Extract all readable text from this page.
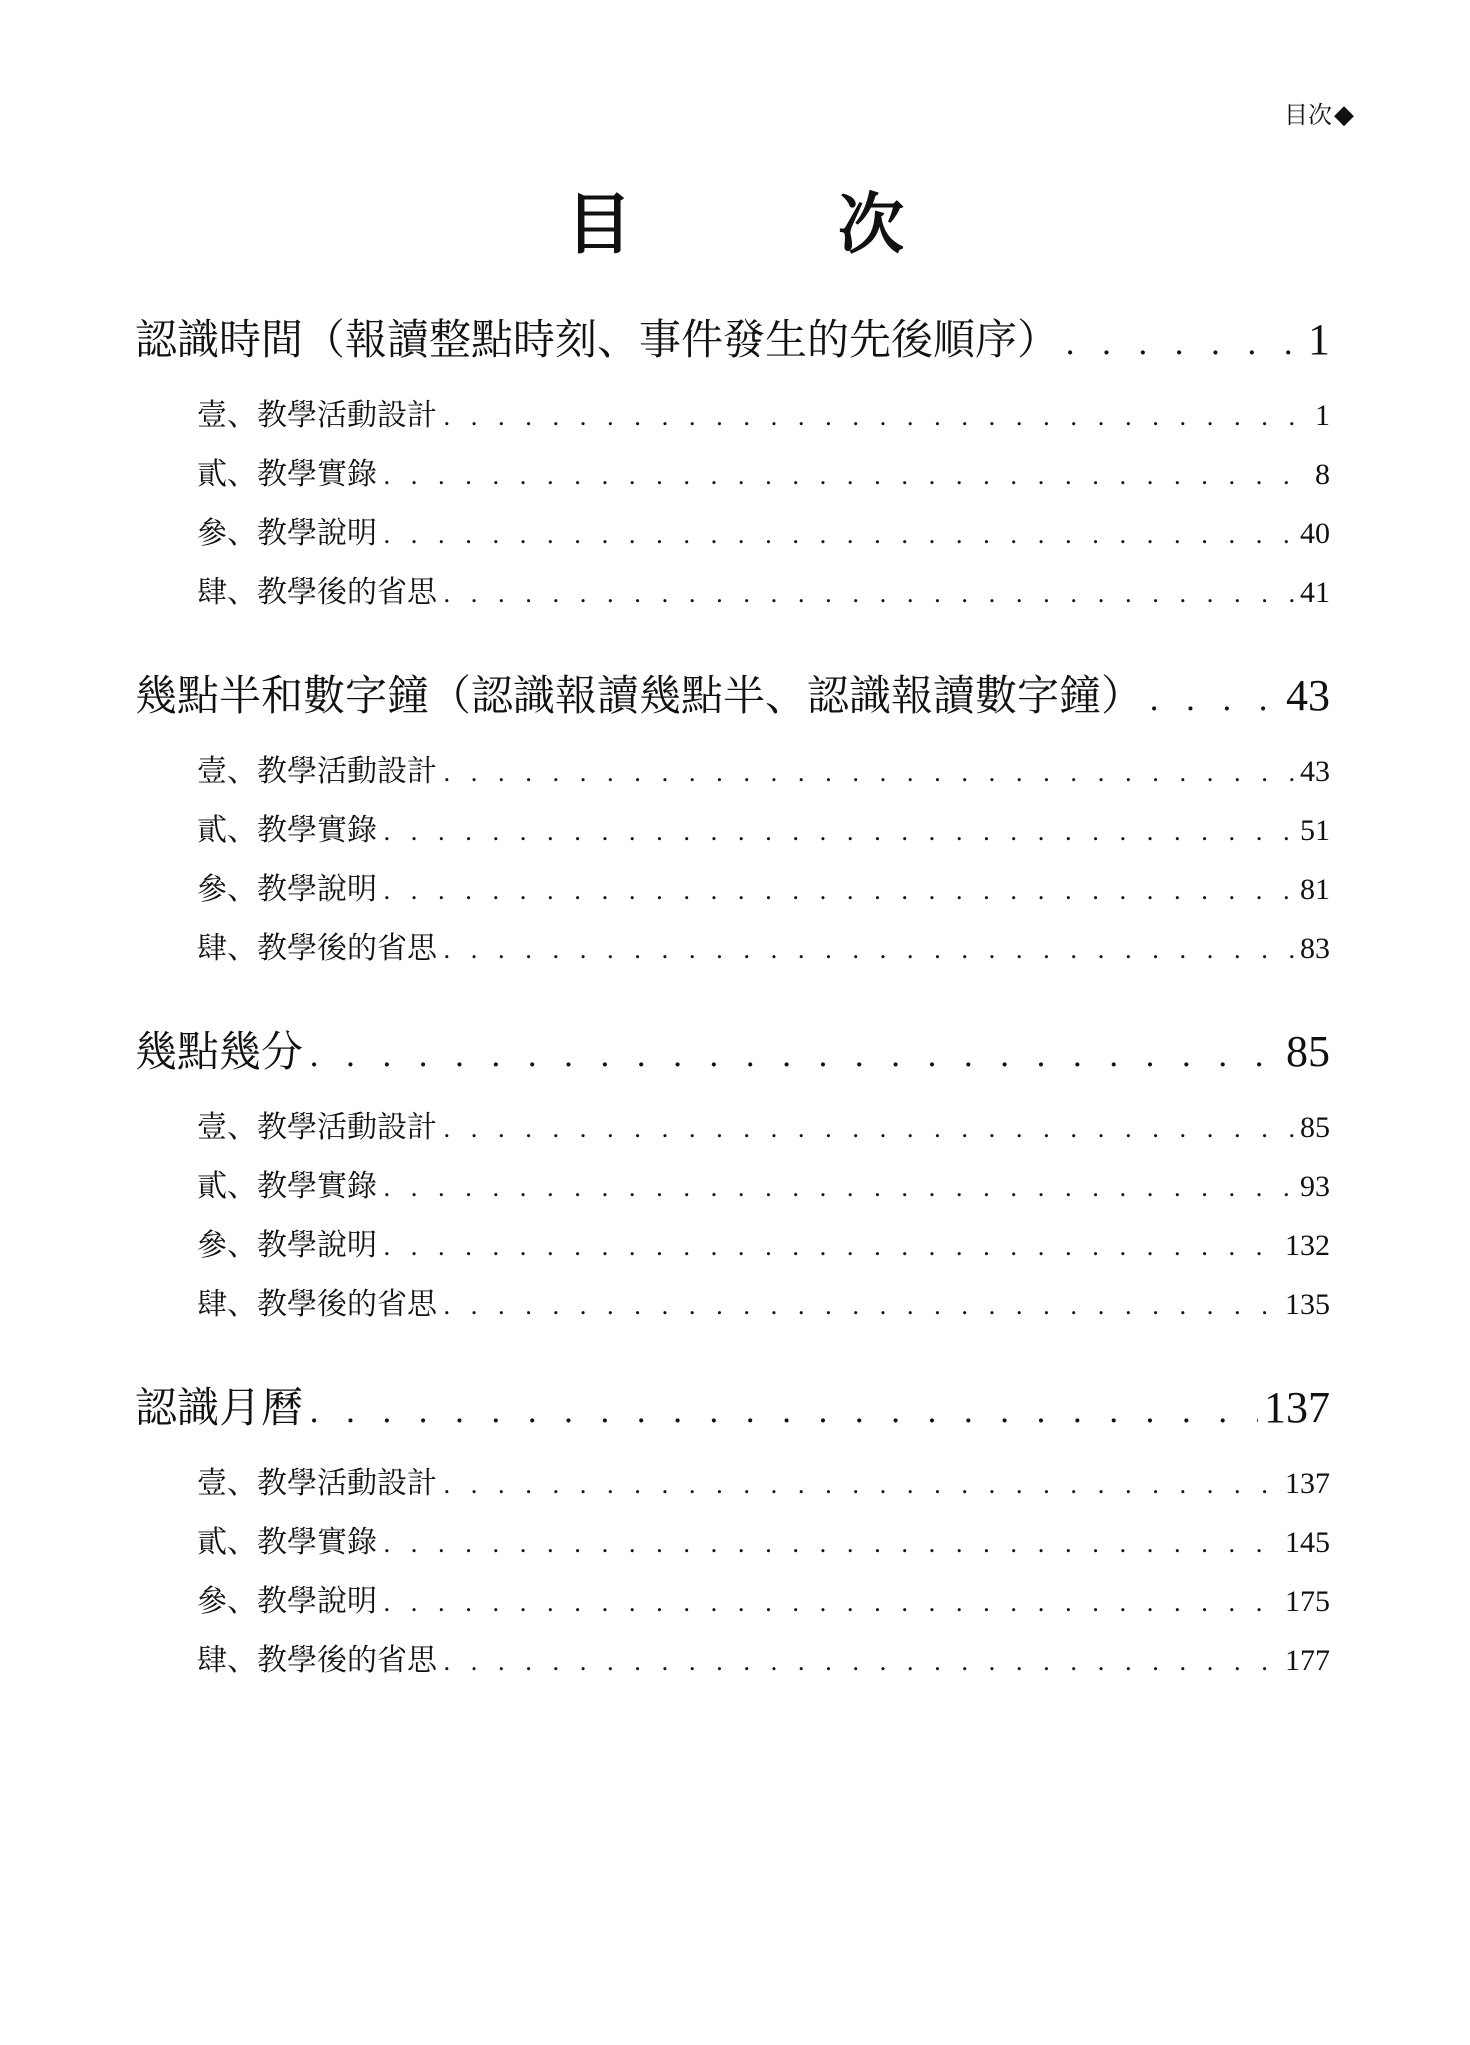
目次 ◆
目　次
認識時間（報讀整點時刻、事件發生的先後順序） . . .	1
壹、教學活動設計 . . .	1
貳、教學實錄 . . .	8
參、教學說明 . . .	40
肆、教學後的省思 . . .	41
幾點半和數字鐘（認識報讀幾點半、認識報讀數字鐘） . . .	43
壹、教學活動設計 . . .	43
貳、教學實錄 . . .	51
參、教學說明 . . .	81
肆、教學後的省思 . . .	83
幾點幾分 . . .	85
壹、教學活動設計 . . .	85
貳、教學實錄 . . .	93
參、教學說明 . . .	132
肆、教學後的省思 . . .	135
認識月曆 . . .	137
壹、教學活動設計 . . .	137
貳、教學實錄 . . .	145
參、教學說明 . . .	175
肆、教學後的省思 . . .	177
